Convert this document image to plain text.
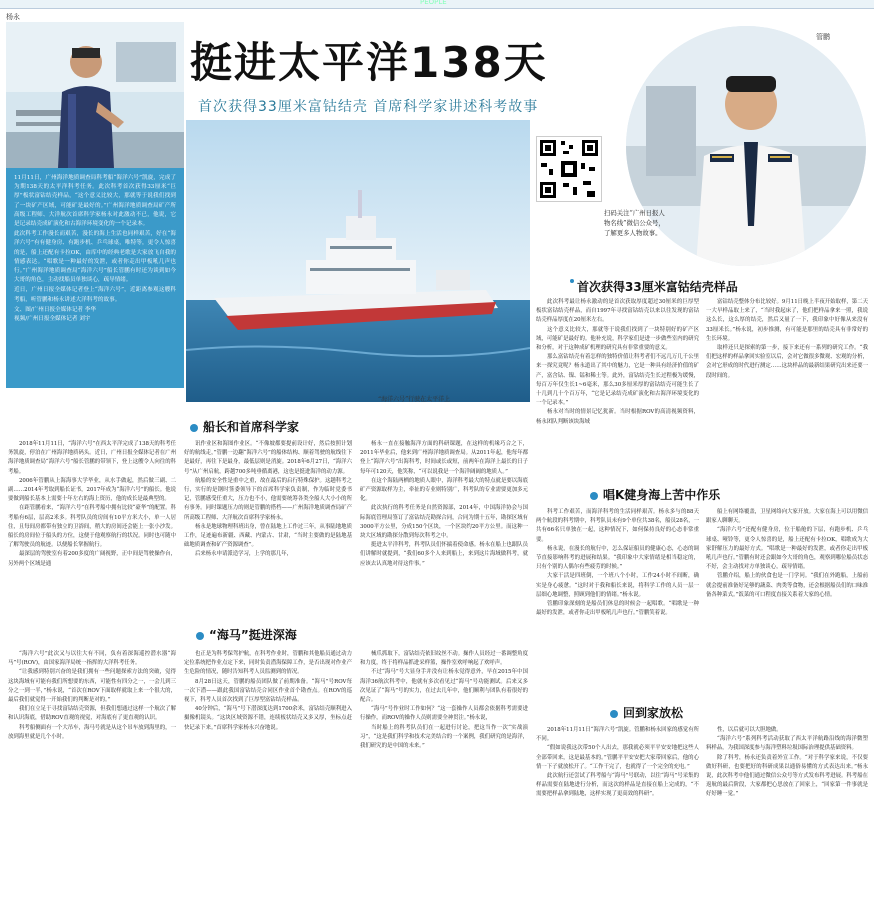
PEOPLE
杨永
挺进太平洋138天
首次获得33厘米富钴结壳 首席科学家讲述科考故事
管鹏
扫码关注“广州日报人物名线”微信公众号，了解更多人物故事。

11月11日，广州海洋地质调查局科考船“海洋六号”凯旋，完成了为期138天的太平洋科考任务。此次科考首次获得33厘米“巨厚”板状富钴结壳样品，“这个意义比较大，那就等于说我们找到了一块矿产区域，可能矿是最好的。”广州海洋地质调查局矿产所高级工程师、大洋航次首席科学家杨永对此激动不已，他说，它是记录结壳成矿演化和古海洋环境变化的一个记录本。

此次科考工作漫长而艰苦，漫长的海上生活也同样艰苦，好在“海洋六号”有有健身房、有跑步机、乒乓球桌，唯特等，更令人惊喜的是，船上还配有卡拉OK，由库中的经典老歌是大家放飞自我的情感表达。“唱歌是一种最好的发泄，或者你走出甲板吼几声也行。”广州海洋地质调查局“海洋六号”船长管鹏有时还为谈到如今大哥的角色，主动找船员单独谈心，疏导情绪。

近日，广州日报全媒体记者登上“海洋六号”，近距离参观这艘科考船，听管鹏和杨永讲述大洋科考的故事。

文、图/广州日报全媒体记者 李华
视频/广州日报全媒体记者 刘宇

“海洋六号”行驶在太平洋上
首次获得33厘米富钴结壳样品

此次科考最让杨永激动的是首次获取厚度超过30厘米的巨厚型板状富钴结壳样品，而自1997年寻找富钴结壳以来以往发现的富钴结壳样品厚度在20厘米左右。

这个意义比较大，那就等于说我们找到了一块特别好的矿产区域，可能矿是最好的。他补充说，科学家们是进一步做些室内的研究和分析，对于这种成矿机理的研究具有非常重要的意义。

那么富钴结壳有着怎样的独特价值让科考者们不远几万几千公里来一探究竟呢？杨永道出了其中的魅力，它是一种具有经济价值的矿产，富含钴、镍、锰和稀土等。此外，富钴结壳生长过程极为缓慢，每百万年仅生长1~6毫米，那么30多厘米厚的富钴结壳可能生长了十几到几十个百万年，“它是记录结壳成矿演化和古海洋环境变化的一个记录本。”

杨永对当时的情景记忆犹新。当时根据ROV的高清视频资料，杨永团队判断该块海域

富钴结壳整体分布比较好。9月11日晚上半夜开始取样，第二天一大早样品取上来了，“当时我起床了，他们把样品拿来一照，我说这么长，这么厚的结壳，然后又量了一下，我印象中好像从来没有33厘米长。”杨永说，初步推测，有可能是那里的结壳具有非常好的生长环境。

取样还只是探索的第一步，接下来还有一系列的研究工作。“我们把这样的样品拿回实验室以后，会对它做很多微观、宏观的分析，会对它形成的时代进行测定……这块样品的最新结果研究出来还要一段时间的。

唱K健身海上苦中作乐

科考工作艰苦，而海洋科考的生活同样艰苦。杨永多与的88天两个航段的科考期中，科考队员未有9个单位共38名，船员28名，一共有66名只单独在一起，这种情况下，如何保持良好的心态非常重要。

杨永说，在漫长的航行中，怎么保证船员的健康心态，心态的调节直接影响科考的进展和结果。“我印象中大家情绪是相当稳定的，只有个别的人偶尔有些疲劳的时候。”

大家干活是四班倒，一个班八个小时，工作24小时不间断，确实是身心疲惫。“这时对于我和船长来说，将科学工作的人员一层一层细心地调整，照顾到他们的情绪。”杨永说。

管鹏印象深刻的是船员们休息的时候会一起唱歌。“唱歌是一种最好的发泄，或者你走出甲板吼几声也行。”管鹏笑着说。

船上有网络覆盖，卫星网络向大家开放。大家在海上可以用微信跟家人聊聊天。

“海洋六号”还配有健身房，位于船舱的下层，有跑步机、乒乓球桌、哑铃等，更令人惊喜的是，船上还配有卡拉OK，唱歌成为大家舒解压力的最好方式。“唱歌是一种最好的发泄，或者你走出甲板吼几声也行。”管鹏有时还会跟如今大哥的角色，观察到哪位船员状态不好，会主动找对方单独谈心，疏导情绪。

管鹏介绍，船上的伙食也是一门学问。“我们在外跑船，上船前就会提前准备好足够的蔬菜、肉类等食物，还会根据船员们的口味准备各种菜式。”饭菜的可口程度直接关系着大家的心情。

船长和首席科学家

2018年11月11日，“海洋六号”在西太平洋完成了138天的科考任务凯旋，停泊在广州海洋地质码头。近日，广州日报全媒体记者在广州海洋地质调查局“海洋六号”船长管鹏的带领下，登上这艘令人向往的科考船。

2006年管鹏从上海海事大学毕业，从水手做起，然后做三副、二副……2014年考取到船长证书，2017年成为“海洋六号”的船长。他说要做到船长基本上需要十年左右的海上资历，他的成长是最典型的。

在距管鹏看来，“海洋六号”在科考船中拥有比较“豪华”的配置。科考船有6层，层高2米多。科考队员的房间有10平方米大小，单一人居住，且每间房都带有独立的卫浴间，稍大的房间还会能上一张小沙发。船长的房间位于船头的方位，这便于他观察航行的状况。同时也可随中了解驾驶员的航迹。以便船长掌握航行。

最深层的驾驶室有着200多度的广阔视野，正中间是驾驶操作台，另外两个区域是通

讯作业区和海图作业区。“不像坡都要提前设计好，然后按照计划好的航线走，”管鹏一边翻“海洋六号”的船体结构、顺着驾驶的航线往下是最好，再往下是最身，最低层则是消旋。2018年6月27日，“海洋六号”从广州启航，跨越700多吨垂循离港，这也是挺进海洋的动力源。

航船的安全性是重中之重，故在最后的启行特殊保护。这趟科考之行，实行的是钢时签委领导下的首席科学家负责制，作为临时党委书记，管鹏感受任重大，压力也不小，他需要统筹各类全船人大小小的所有事务。同时课题压力的则是管鹏的搭档——广州海洋地质调查局矿产所高级工程师、大洋航次首席科学家杨永。

杨永是地球物理科班出身，曾在陆地上工作过三年，从事陆地地质工作，足迹遍布新疆、西藏、内蒙古、甘肃，“当时主要做的是陆地基础地质调查和矿产资源调查”。

后来杨永申请派造学习，上学的那几年，

杨永一直在接触海洋方面的科研课题，在这样的机缘巧合之下，2011年毕业后，他来到广州海洋地质调查局。从2011年起，他每年都登上“海洋六号”出海科考，时间或长或短，前两年在海洋上最长的日子每年可120天，他笑称，“可以说我是一个海洋阔阔的地质人。”

在这个海陆两栖的地质人眼中，海洋科考最大的特点就是要以海底矿产资源取样为主，牵扯的专业则特别广，科考队的专业需要更加多元化。

此次执行的科考任务是自然资源部，2014年，中国海洋协会与国际海底管理局签订了富钴结壳勘探合同，合同为期十五年，勘探区域有3000平方公里，分成150个区块，一个区块约20平方公里。而这种一块大区域的勘探分散到每次科考之中。

挺进太平洋科考，科考队员们怀揣着使命感。杨永在船上也跟队员们讲解时就提到，“我们60多个人来到船上，来到这片海域做科考，就应该去认真地对待这件事。”

“海马”挺进深海

“海洋六号”此次又与以往大有不同，负有着深海遥控潜水器“海马”号(ROV)，由国家海洋局统一指挥的大洋科考任务。

“让我感到特别兴奋的是我们拥有一些问题探索方法的突破，觉得这块海域有可能有我们所想要的东西，可能性有四分之一，一会儿到三分之一到一半，”杨永说，“首次在ROV下面取样就取上来一个很大的，最后我们就觉得一开始我们的判断是对的。”

我们在立足于寻找富钴结壳资源，但我们想通过这样一个航次了解和认识海底，借助ROV直观的视觉，对海底有了更直观的认识。

科考船侧面有一个大吊车，海马号就是从这个吊车放到海里的，一放到海里就是几个小时。

也正是为科考保驾护航，在科考作业时，管鹏和其他船员通过动力定位系统把作业点定下来，同时负责潜海保障工作，是否出现对作业产生危险的情况，随时告知科考人员监测到的情况。

8月28日这天，管鹏的船员团队做了前期准备。“海马”号ROV每一次下潜——跟此我国富钴结壳合同区作业首个勘查点。在ROV的巡视下，科考人员首次找到了巨厚型富钴结壳样品。

40分钟后，“海马”号下潜深度达到1700余米，富钴结壳顺利进入摄像机镜头。“这块区域资源不错，连续板状结壳又多又厚，坐标点赶快记录下来。”首席科学家杨永兴奋地说。

械爪抓取下，富钴结壳依旧纹丝不动。操作人员经过一番调整角度和力度，终于将样品抓进采样篮，操作室欢呼响起了欢呼声。

不过“海马”号大显身手并没有让杨永觉得意外，早在2015年中国海洋36航次科考中，他就有多次看见过“海马”号功能测试。后来又多次见证了“海马”号的实力，在过去几年中，他们顺利与团队有着很好的配合。

“海马”号作业时工作如何？“这一套操作人员都会依据科考需要进行操作，而ROV的操作人员则需要全神贯注。”杨永说，

当时船上的科考队员们在一起进行讨论，把这当作一次“实战演习”，“这是我们科学和技术完美结合的一个案例，我们研究的是海洋，我们研究的是中国的未来。”

回到家放松

2018年11月11日“海洋六号”凯旋。管鹏和杨永回家的感觉有所不同。

“假如说我这次带50个人出去，那我就必须平平安安地把这些人全部带回来，这是最基本的。”管鹏平平安安把大家带回家后，他的心情一下子就放松开了。“工作干完了，也就得了一个完全的充电。”

此次航行还尝试了科考船与“海马”号联动，以往“海马”号采集的样品需要在陆地进行分析，而这次的样品是直接在船上完成的，“不需要把样品拿到陆地，这样实现了更高效的科研”。

性，以后就可以大胆地做。

“海洋六号”系列科考活动获取了西太平洋航路沿线的海洋微塑料样品，为我国深度参与海洋塑料垃圾国际治理提供基础资料。

除了科考，杨永还负责着外宣工作。“对于科学家来说，不仅要做好科研，也要把好的科研成果以通俗易懂的方式表达出来。”杨永说，此次科考中他们通过微信公众号等方式发布科考进展。科考船在返航的最后阶段，大家都把心思放在了回家上，“回家第一件事就是好好睡一觉。”
